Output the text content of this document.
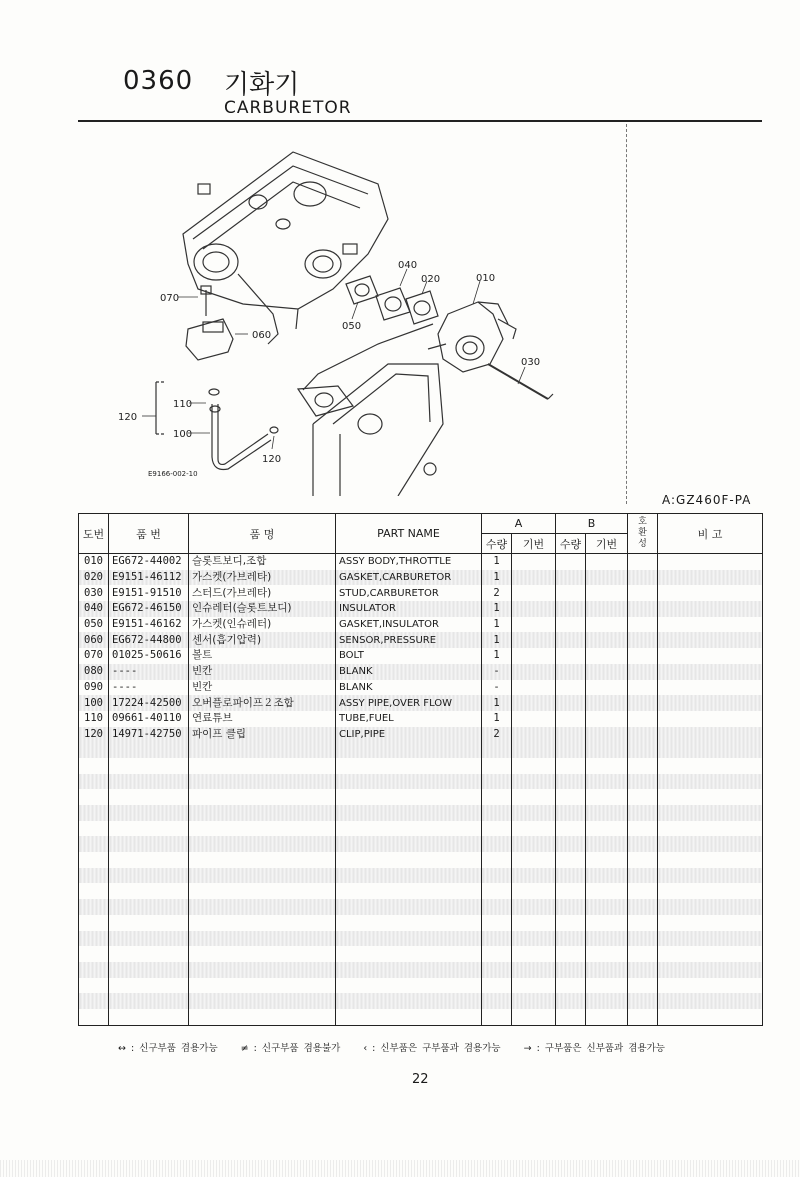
0360 기화기
CARBURETOR
070
060
040
020	010
050
030
110
100
120
120
E9166-002-10
A:GZ460F-PA
도번	품 번	품 명	PART NAME	A		B		호환성	비 고
				수량	기번	수량	기번		
010	EG672-44002	슬롯트보디,조합	ASSY BODY,THROTTLE	1					
020	E9151-46112	가스켓(가브레타)	GASKET,CARBURETOR	1					
030	E9151-91510	스터드(가브레타)	STUD,CARBURETOR	2					
040	EG672-46150	인슈레터(슬롯트보디)	INSULATOR	1					
050	E9151-46162	가스켓(인슈레터)	GASKET,INSULATOR	1					
060	EG672-44800	센서(흡기압력)	SENSOR,PRESSURE	1					
070	01025-50616	볼트	BOLT	1					
080	----	빈칸	BLANK	-					
090	----	빈칸	BLANK	-					
100	17224-42500	오버플로파이프２조합	ASSY PIPE,OVER FLOW	1					
110	09661-40110	연료튜브	TUBE,FUEL	1					
120	14971-42750	파이프 클립	CLIP,PIPE	2					

↔ : 신구부품 겸용가능 ≠ : 신구부품 겸용불가 ‹ : 신부품은 구부품과 겸용가능 → : 구부품은 신부품과 겸용가능
22
